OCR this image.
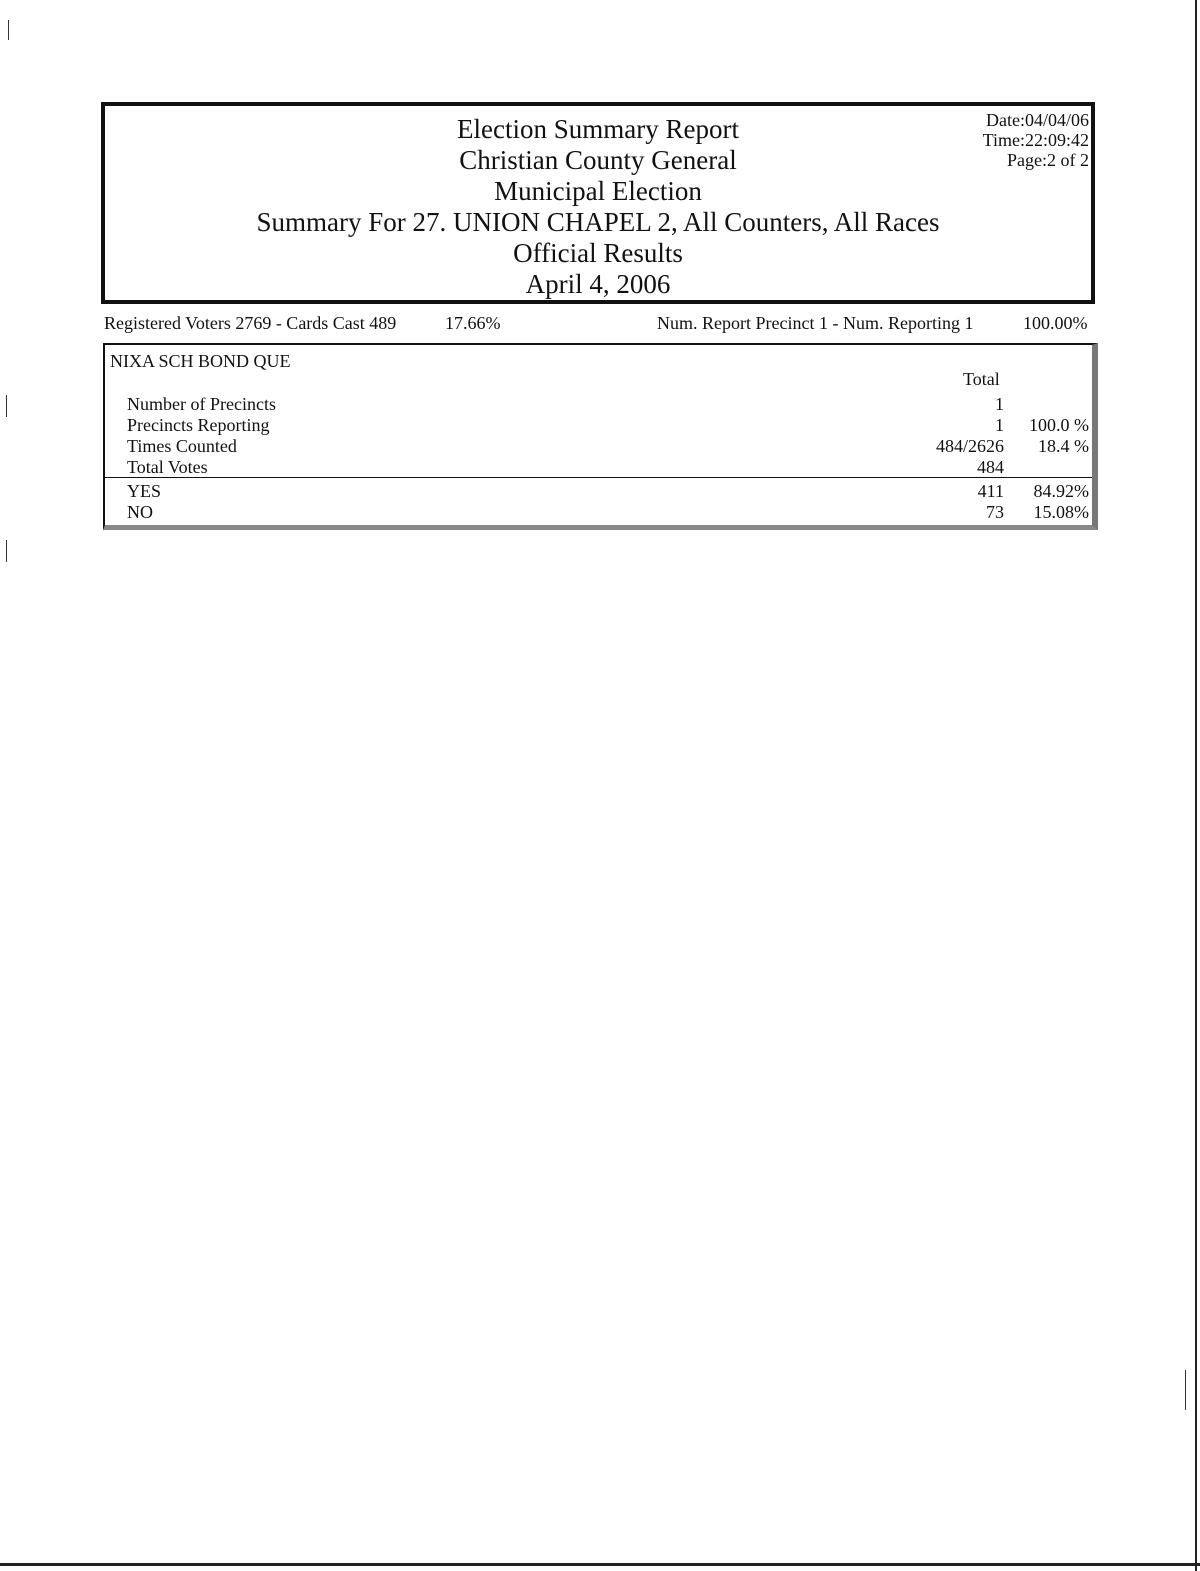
Election Summary Report
Christian County General
Municipal Election
Summary For 27. UNION CHAPEL 2, All Counters, All Races
Official Results
April 4, 2006
Date:04/04/06
Time:22:09:42
Page:2 of 2
Registered Voters 2769 - Cards Cast 489	17.66%	Num. Report Precinct 1 - Num. Reporting 1	100.00%
NIXA SCH BOND QUE
Total
Number of Precincts	1
Precincts Reporting	1 100.0 %
Times Counted	484/2626 18.4 %
Total Votes	484
YES	411 84.92%
NO	73 15.08%
